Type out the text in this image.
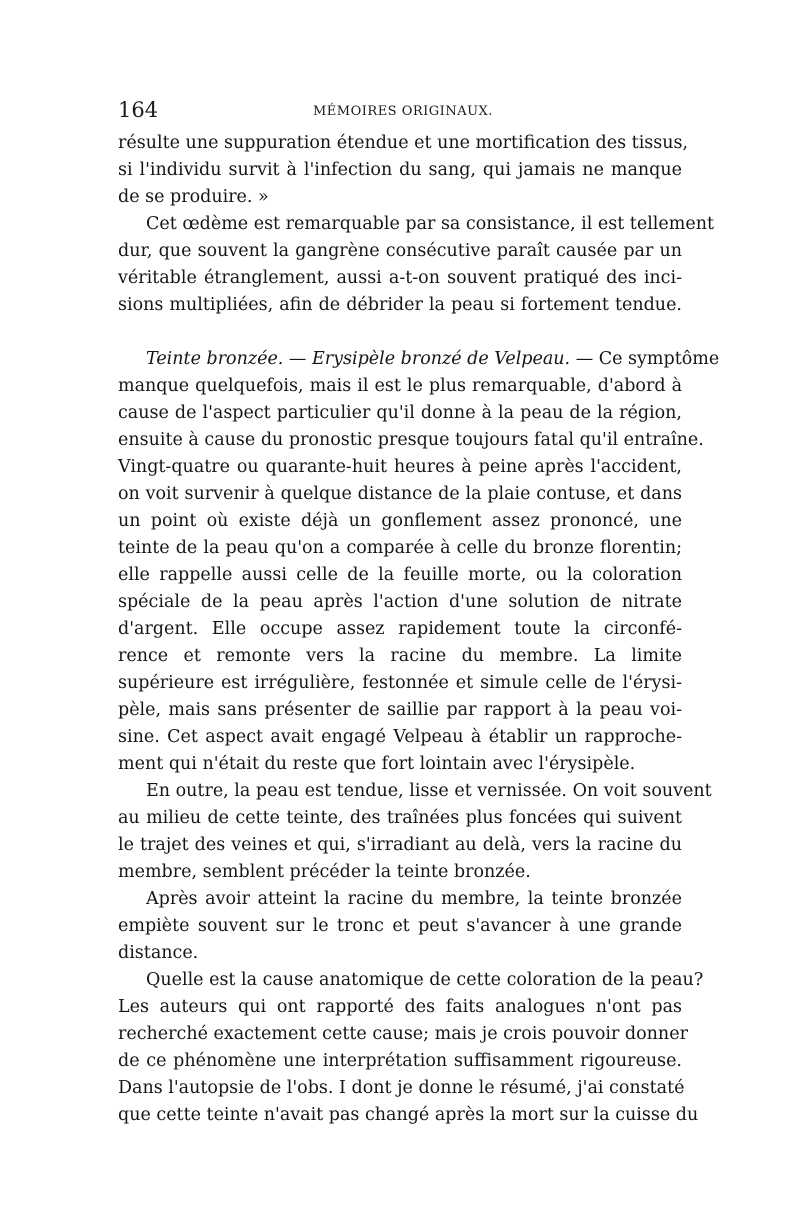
164	MÉMOIRES ORIGINAUX.
résulte une suppuration étendue et une mortification des tissus,
si l'individu survit à l'infection du sang, qui jamais ne manque
de se produire. »
Cet œdème est remarquable par sa consistance, il est tellement
dur, que souvent la gangrène consécutive paraît causée par un
véritable étranglement, aussi a-t-on souvent pratiqué des inci-
sions multipliées, afin de débrider la peau si fortement tendue.
Teinte bronzée. — Erysipèle bronzé de Velpeau. — Ce symptôme
manque quelquefois, mais il est le plus remarquable, d'abord à
cause de l'aspect particulier qu'il donne à la peau de la région,
ensuite à cause du pronostic presque toujours fatal qu'il entraîne.
Vingt-quatre ou quarante-huit heures à peine après l'accident,
on voit survenir à quelque distance de la plaie contuse, et dans
un point où existe déjà un gonflement assez prononcé, une
teinte de la peau qu'on a comparée à celle du bronze florentin;
elle rappelle aussi celle de la feuille morte, ou la coloration
spéciale de la peau après l'action d'une solution de nitrate
d'argent. Elle occupe assez rapidement toute la circonfé-
rence et remonte vers la racine du membre. La limite
supérieure est irrégulière, festonnée et simule celle de l'érysi-
pèle, mais sans présenter de saillie par rapport à la peau voi-
sine. Cet aspect avait engagé Velpeau à établir un rapproche-
ment qui n'était du reste que fort lointain avec l'érysipèle.
En outre, la peau est tendue, lisse et vernissée. On voit souvent
au milieu de cette teinte, des traînées plus foncées qui suivent
le trajet des veines et qui, s'irradiant au delà, vers la racine du
membre, semblent précéder la teinte bronzée.
Après avoir atteint la racine du membre, la teinte bronzée
empiète souvent sur le tronc et peut s'avancer à une grande
distance.
Quelle est la cause anatomique de cette coloration de la peau?
Les auteurs qui ont rapporté des faits analogues n'ont pas
recherché exactement cette cause; mais je crois pouvoir donner
de ce phénomène une interprétation suffisamment rigoureuse.
Dans l'autopsie de l'obs. I dont je donne le résumé, j'ai constaté
que cette teinte n'avait pas changé après la mort sur la cuisse du
